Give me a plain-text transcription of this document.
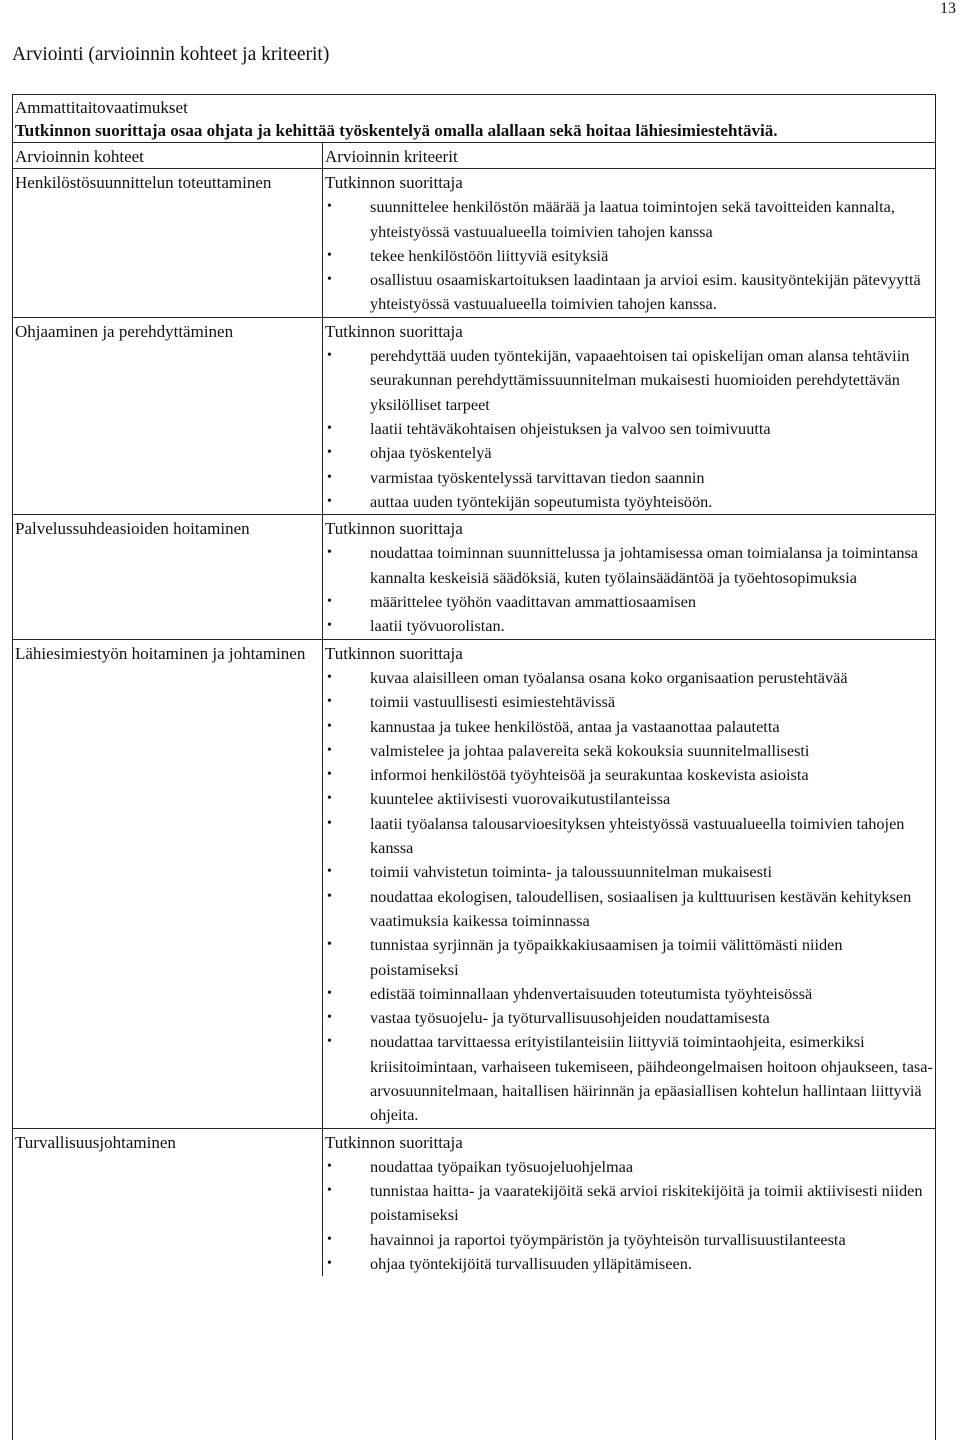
13
Arviointi (arvioinnin kohteet ja kriteerit)
Ammattitaitovaatimukset
Tutkinnon suorittaja osaa ohjata ja kehittää työskentelyä omalla alallaan sekä hoitaa lähiesimiestehtäviä.
Arvioinnin kohteet	Arvioinnin kriteerit
Henkilöstösuunnittelun toteuttaminen	Tutkinnon suorittaja
• suunnittelee henkilöstön määrää ja laatua toimintojen sekä tavoitteiden kannalta, yhteistyössä vastuualueella toimivien tahojen kanssa
• tekee henkilöstöön liittyviä esityksiä
• osallistuu osaamiskartoituksen laadintaan ja arvioi esim. kausityöntekijän pätevyyttä yhteistyössä vastuualueella toimivien tahojen kanssa.
Ohjaaminen ja perehdyttäminen	Tutkinnon suorittaja
• perehdyttää uuden työntekijän, vapaaehtoisen tai opiskelijan oman alansa tehtäviin seurakunnan perehdyttämissuunnitelman mukaisesti huomioiden perehdytettävän yksilölliset tarpeet
• laatii tehtäväkohtaisen ohjeistuksen ja valvoo sen toimivuutta
• ohjaa työskentelyä
• varmistaa työskentelyssä tarvittavan tiedon saannin
• auttaa uuden työntekijän sopeutumista työyhteisöön.
Palvelussuhdeasioiden hoitaminen	Tutkinnon suorittaja
• noudattaa toiminnan suunnittelussa ja johtamisessa oman toimialansa ja toimintansa kannalta keskeisiä säädöksiä, kuten työlainsäädäntöä ja työehtosopimuksia
• määrittelee työhön vaadittavan ammattiosaamisen
• laatii työvuorolistan.
Lähiesimiestyön hoitaminen ja johtaminen	Tutkinnon suorittaja
• kuvaa alaisilleen oman työalansa osana koko organisaation perustehtävää
• toimii vastuullisesti esimiestehtävissä
• kannustaa ja tukee henkilöstöä, antaa ja vastaanottaa palautetta
• valmistelee ja johtaa palavereita sekä kokouksia suunnitelmallisesti
• informoi henkilöstöä työyhteisöä ja seurakuntaa koskevista asioista
• kuuntelee aktiivisesti vuorovaikutustilanteissa
• laatii työalansa talousarvioesityksen yhteistyössä vastuualueella toimivien tahojen kanssa
• toimii vahvistetun toiminta- ja taloussuunnitelman mukaisesti
• noudattaa ekologisen, taloudellisen, sosiaalisen ja kulttuurisen kestävän kehityksen vaatimuksia kaikessa toiminnassa
• tunnistaa syrjinnän ja työpaikkakiusaamisen ja toimii välittömästi niiden poistamiseksi
• edistää toiminnallaan yhdenvertaisuuden toteutumista työyhteisössä
• vastaa työsuojelu- ja työturvallisuusohjeiden noudattamisesta
• noudattaa tarvittaessa erityistilanteisiin liittyviä toimintaohjeita, esimerkiksi kriisitoimintaan, varhaiseen tukemiseen, päihdeongelmaisen hoitoon ohjaukseen, tasa-arvosuunnitelmaan, haitallisen häirinnän ja epäasiallisen kohtelun hallintaan liittyviä ohjeita.
Turvallisuusjohtaminen	Tutkinnon suorittaja
• noudattaa työpaikan työsuojeluohjelmaa
• tunnistaa haitta- ja vaaratekijöitä sekä arvioi riskitekijöitä ja toimii aktiivisesti niiden poistamiseksi
• havainnoi ja raportoi työympäristön ja työyhteisön turvallisuustilanteesta
• ohjaa työntekijöitä turvallisuuden ylläpitämiseen.
